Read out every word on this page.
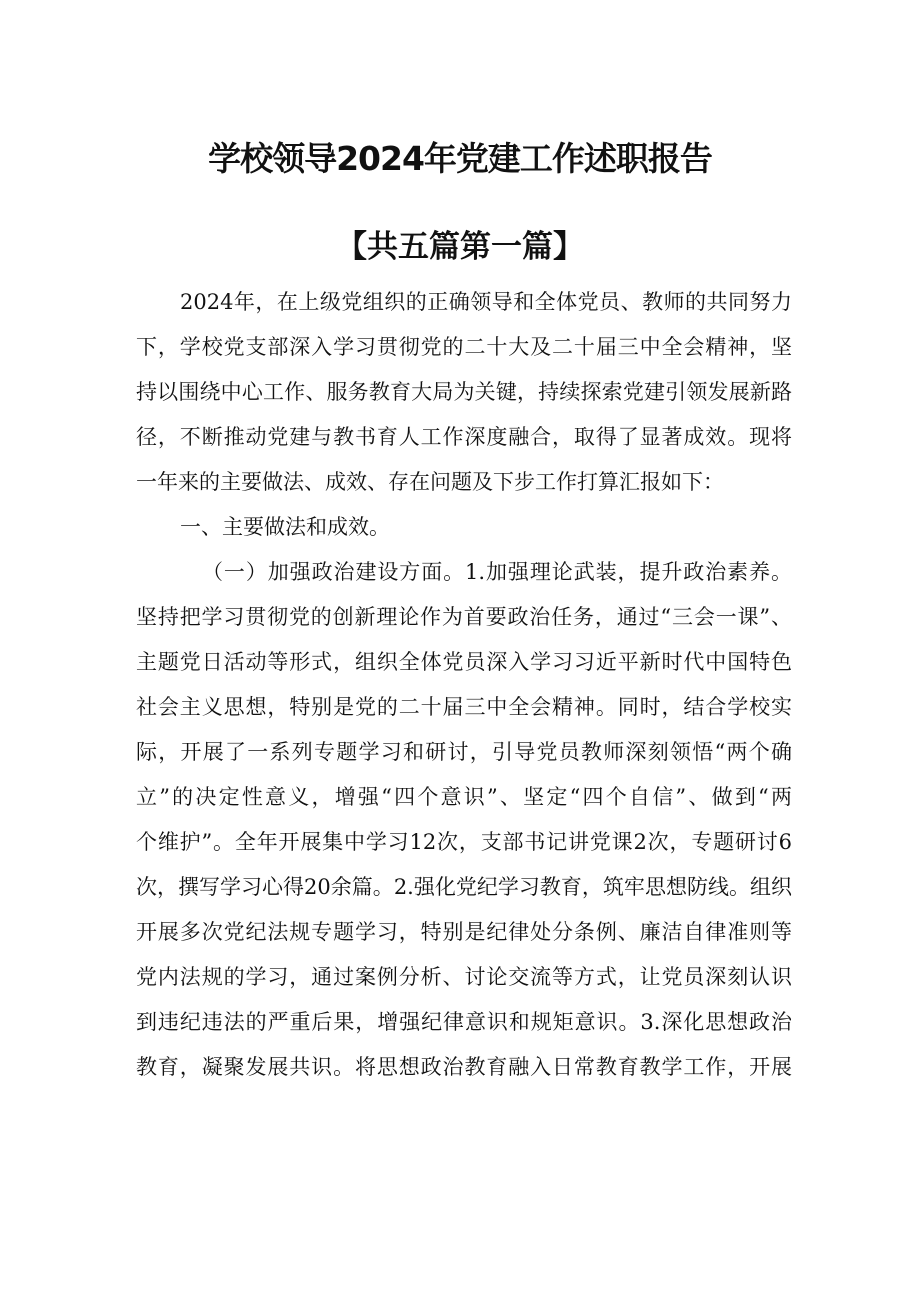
学校领导2024年党建工作述职报告
【共五篇第一篇】
2024年，在上级党组织的正确领导和全体党员、教师的共同努力
下，学校党支部深入学习贯彻党的二十大及二十届三中全会精神，坚
持以围绕中心工作、服务教育大局为关键，持续探索党建引领发展新路
径，不断推动党建与教书育人工作深度融合，取得了显著成效。现将
一年来的主要做法、成效、存在问题及下步工作打算汇报如下：
一、主要做法和成效。
（一）加强政治建设方面。1.加强理论武装，提升政治素养。
坚持把学习贯彻党的创新理论作为首要政治任务，通过“三会一课”、
主题党日活动等形式，组织全体党员深入学习习近平新时代中国特色
社会主义思想，特别是党的二十届三中全会精神。同时，结合学校实
际，开展了一系列专题学习和研讨，引导党员教师深刻领悟“两个确
立”的决定性意义，增强“四个意识”、坚定“四个自信”、做到“两
个维护”。全年开展集中学习12次，支部书记讲党课2次，专题研讨6
次，撰写学习心得20余篇。2.强化党纪学习教育，筑牢思想防线。组织
开展多次党纪法规专题学习，特别是纪律处分条例、廉洁自律准则等
党内法规的学习，通过案例分析、讨论交流等方式，让党员深刻认识
到违纪违法的严重后果，增强纪律意识和规矩意识。3.深化思想政治
教育，凝聚发展共识。将思想政治教育融入日常教育教学工作，开展
